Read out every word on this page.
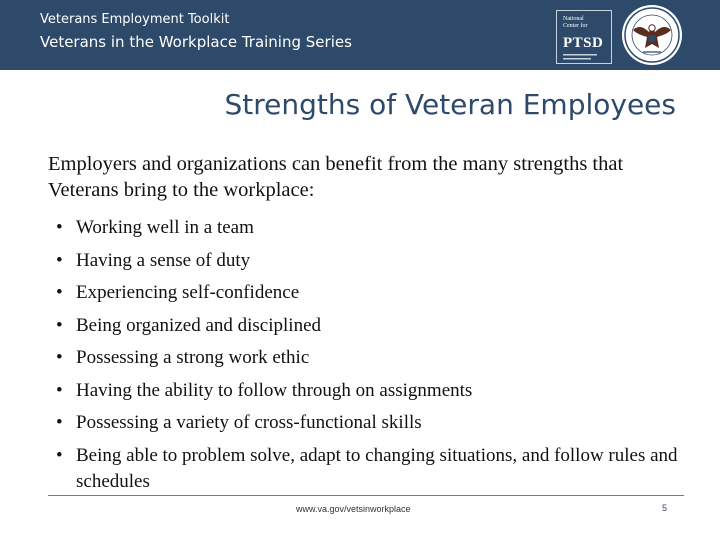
Veterans Employment Toolkit
Veterans in the Workplace Training Series
National
Center for
PTSD
Strengths of Veteran Employees
Employers and organizations can benefit from the many strengths that Veterans bring to the workplace:
• Working well in a team
• Having a sense of duty
• Experiencing self-confidence
• Being organized and disciplined
• Possessing a strong work ethic
• Having the ability to follow through on assignments
• Possessing a variety of cross-functional skills
• Being able to problem solve, adapt to changing situations, and follow rules and schedules
www.va.gov/vetsinworkplace	5
